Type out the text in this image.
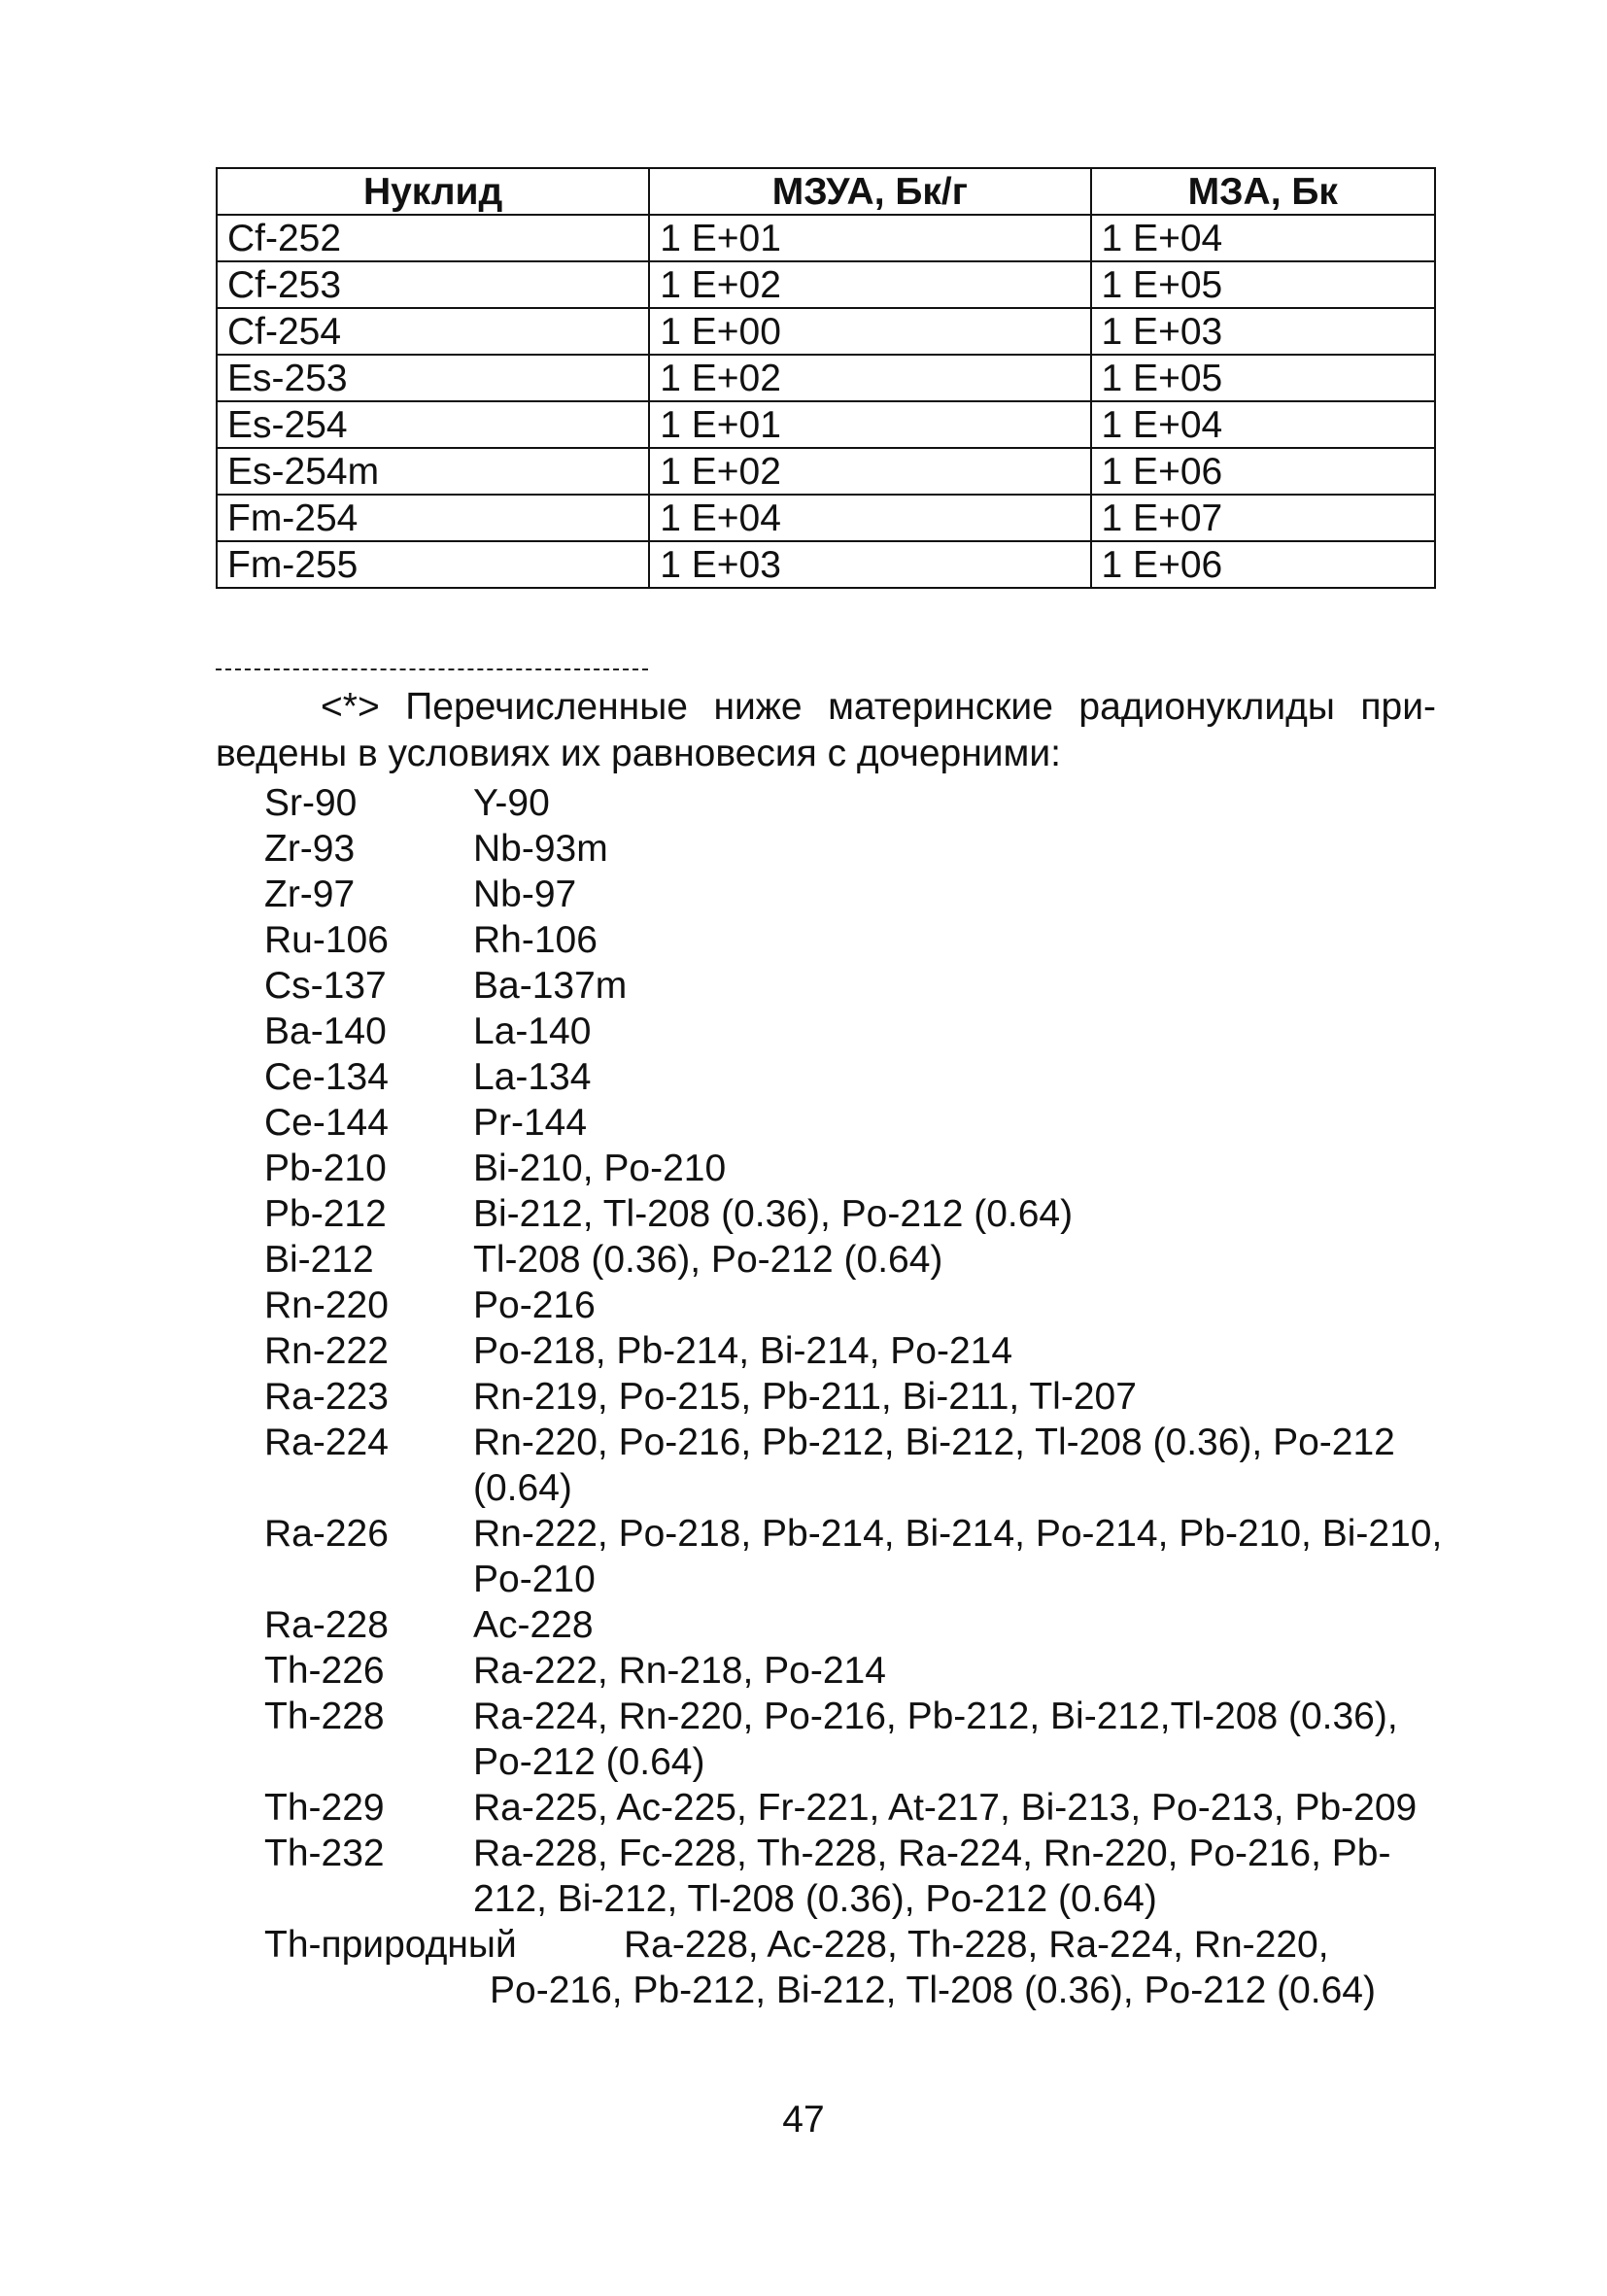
Нуклид	МЗУА, Бк/г	МЗА, Бк
Cf-252	1 E+01	1 E+04
Cf-253	1 E+02	1 E+05
Cf-254	1 E+00	1 E+03
Es-253	1 E+02	1 E+05
Es-254	1 E+01	1 E+04
Es-254m	1 E+02	1 E+06
Fm-254	1 E+04	1 E+07
Fm-255	1 E+03	1 E+06
<*> Перечисленные ниже материнские радионуклиды при-
ведены в условиях их равновесия с дочерними:
Sr-90	Y-90
Zr-93	Nb-93m
Zr-97	Nb-97
Ru-106	Rh-106
Cs-137	Ba-137m
Ba-140	La-140
Ce-134	La-134
Ce-144	Pr-144
Pb-210	Bi-210, Po-210
Pb-212	Bi-212, Tl-208 (0.36), Po-212 (0.64)
Bi-212	Tl-208 (0.36), Po-212 (0.64)
Rn-220	Po-216
Rn-222	Po-218, Pb-214, Bi-214, Po-214
Ra-223	Rn-219, Po-215, Pb-211, Bi-211, Tl-207
Ra-224	Rn-220, Po-216, Pb-212, Bi-212, Tl-208 (0.36), Po-212 (0.64)
Ra-226	Rn-222, Po-218, Pb-214, Bi-214, Po-214, Pb-210, Bi-210, Po-210
Ra-228	Ac-228
Th-226	Ra-222, Rn-218, Po-214
Th-228	Ra-224, Rn-220, Po-216, Pb-212, Bi-212,Tl-208 (0.36), Po-212 (0.64)
Th-229	Ra-225, Ac-225, Fr-221, At-217, Bi-213, Po-213, Pb-209
Th-232	Ra-228, Fc-228, Th-228, Ra-224, Rn-220, Po-216, Pb-212, Bi-212, Tl-208 (0.36), Po-212 (0.64)
Th-природный	Ra-228, Ac-228, Th-228, Ra-224, Rn-220,
Po-216, Pb-212, Bi-212, Tl-208 (0.36), Po-212 (0.64)
47
